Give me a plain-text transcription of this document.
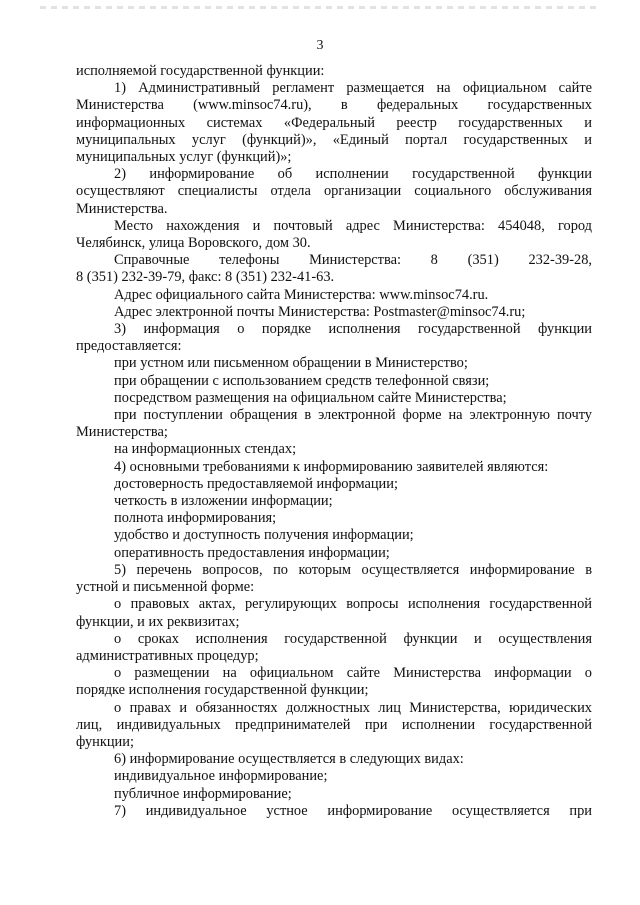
3
исполняемой государственной функции:
1) Административный регламент размещается на официальном сайте
Министерства (www.minsoc74.ru), в федеральных государственных
информационных системах «Федеральный реестр государственных и
муниципальных услуг (функций)», «Единый портал государственных и
муниципальных услуг (функций)»;
2) информирование об исполнении государственной функции
осуществляют специалисты отдела организации социального обслуживания
Министерства.
Место нахождения и почтовый адрес Министерства: 454048, город
Челябинск, улица Воровского, дом 30.
Справочные телефоны Министерства: 8 (351) 232-39-28,
8 (351) 232-39-79, факс: 8 (351) 232-41-63.
Адрес официального сайта Министерства: www.minsoc74.ru.
Адрес электронной почты Министерства: Postmaster@minsoc74.ru;
3) информация о порядке исполнения государственной функции
предоставляется:
при устном или письменном обращении в Министерство;
при обращении с использованием средств телефонной связи;
посредством размещения на официальном сайте Министерства;
при поступлении обращения в электронной форме на электронную почту
Министерства;
на информационных стендах;
4) основными требованиями к информированию заявителей являются:
достоверность предоставляемой информации;
четкость в изложении информации;
полнота информирования;
удобство и доступность получения информации;
оперативность предоставления информации;
5) перечень вопросов, по которым осуществляется информирование в
устной и письменной форме:
о правовых актах, регулирующих вопросы исполнения государственной
функции, и их реквизитах;
о сроках исполнения государственной функции и осуществления
административных процедур;
о размещении на официальном сайте Министерства информации о
порядке исполнения государственной функции;
о правах и обязанностях должностных лиц Министерства, юридических
лиц, индивидуальных предпринимателей при исполнении государственной
функции;
6) информирование осуществляется в следующих видах:
индивидуальное информирование;
публичное информирование;
7) индивидуальное устное информирование осуществляется при
